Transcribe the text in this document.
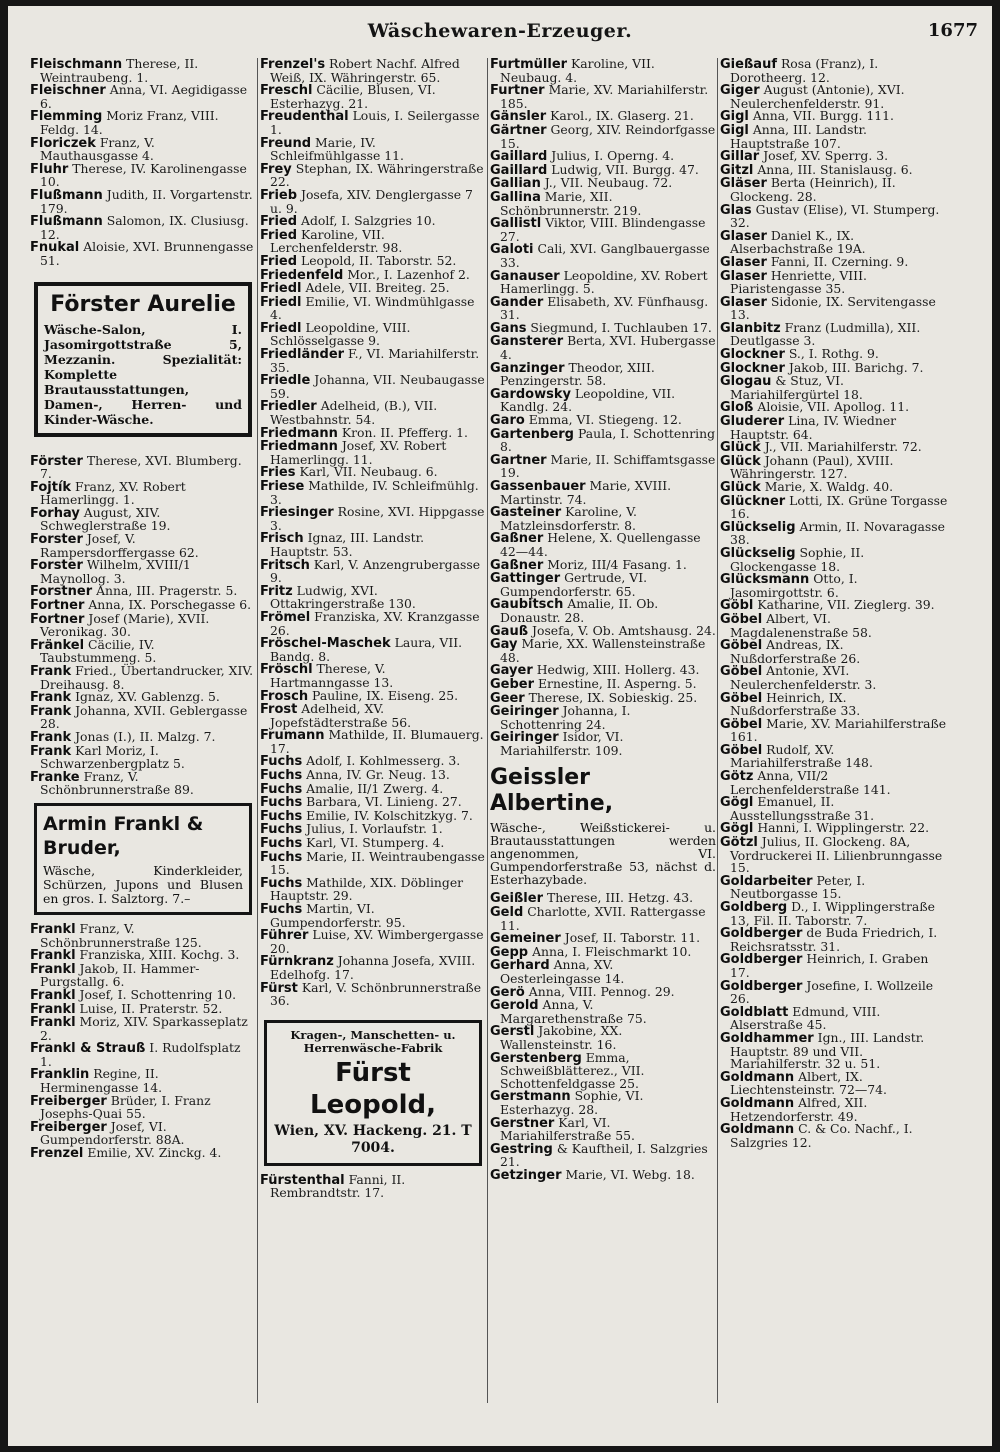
Wäschewaren-Erzeuger.	1677

Fleischmann Therese, II. Weintraubeng. 1.

Fleischner Anna, VI. Aegidigasse 6.

Flemming Moriz Franz, VIII. Feldg. 14.

Floriczek Franz, V. Mauthausgasse 4.

Fluhr Therese, IV. Karolinengasse 10.

Flußmann Judith, II. Vorgartenstr. 179.

Flußmann Salomon, IX. Clusiusg. 12.

Fnukal Aloisie, XVI. Brunnengasse 51.

Förster Aurelie
Wäsche-Salon, I. Jasomirgottstraße 5, Mezzanin. Spezialität: Komplette Brautausstattungen, Damen-, Herren- und Kinder-Wäsche.

Förster Therese, XVI. Blumberg. 7.

Fojtík Franz, XV. Robert Hamerlingg. 1.

Forhay August, XIV. Schweglerstraße 19.

Forster Josef, V. Rampersdorffergasse 62.

Forster Wilhelm, XVIII/1 Maynollog. 3.

Forstner Anna, III. Pragerstr. 5.

Fortner Anna, IX. Porschegasse 6.

Fortner Josef (Marie), XVII. Veronikag. 30.

Fränkel Cäcilie, IV. Taubstummeng. 5.

Frank Fried., Übertandrucker, XIV. Dreihausg. 8.

Frank Ignaz, XV. Gablenzg. 5.

Frank Johanna, XVII. Geblergasse 28.

Frank Jonas (I.), II. Malzg. 7.

Frank Karl Moriz, I. Schwarzenbergplatz 5.

Franke Franz, V. Schönbrunnerstraße 89.

Armin Frankl & Bruder,
Wäsche, Kinderkleider, Schürzen, Jupons und Blusen en gros. I. Salztorg. 7.–

Frankl Franz, V. Schönbrunnerstraße 125.

Frankl Franziska, XIII. Kochg. 3.

Frankl Jakob, II. Hammer-Purgstallg. 6.

Frankl Josef, I. Schottenring 10.

Frankl Luise, II. Praterstr. 52.

Frankl Moriz, XIV. Sparkasseplatz 2.

Frankl & Strauß I. Rudolfsplatz 1.

Franklin Regine, II. Herminengasse 14.

Freiberger Brüder, I. Franz Josephs-Quai 55.

Freiberger Josef, VI. Gumpendorferstr. 88A.

Frenzel Emilie, XV. Zinckg. 4.

Frenzel's Robert Nachf. Alfred Weiß, IX. Währingerstr. 65.

Freschl Cäcilie, Blusen, VI. Esterhazyg. 21.

Freudenthal Louis, I. Seilergasse 1.

Freund Marie, IV. Schleifmühlgasse 11.

Frey Stephan, IX. Währingerstraße 22.

Frieb Josefa, XIV. Denglergasse 7 u. 9.

Fried Adolf, I. Salzgries 10.

Fried Karoline, VII. Lerchenfelderstr. 98.

Fried Leopold, II. Taborstr. 52.

Friedenfeld Mor., I. Lazenhof 2.

Friedl Adele, VII. Breiteg. 25.

Friedl Emilie, VI. Windmühlgasse 4.

Friedl Leopoldine, VIII. Schlösselgasse 9.

Friedländer F., VI. Mariahilferstr. 35.

Friedle Johanna, VII. Neubaugasse 59.

Friedler Adelheid, (B.), VII. Westbahnstr. 54.

Friedmann Kron. II. Pfefferg. 1.

Friedmann Josef, XV. Robert Hamerlingg. 11.

Fries Karl, VII. Neubaug. 6.

Friese Mathilde, IV. Schleifmühlg. 3.

Friesinger Rosine, XVI. Hippgasse 3.

Frisch Ignaz, III. Landstr. Hauptstr. 53.

Fritsch Karl, V. Anzengrubergasse 9.

Fritz Ludwig, XVI. Ottakringerstraße 130.

Frömel Franziska, XV. Kranzgasse 26.

Fröschel-Maschek Laura, VII. Bandg. 8.

Fröschl Therese, V. Hartmanngasse 13.

Frosch Pauline, IX. Eiseng. 25.

Frost Adelheid, XV. Jopefstädterstraße 56.

Frumann Mathilde, II. Blumauerg. 17.

Fuchs Adolf, I. Kohlmesserg. 3.

Fuchs Anna, IV. Gr. Neug. 13.

Fuchs Amalie, II/1 Zwerg. 4.

Fuchs Barbara, VI. Linieng. 27.

Fuchs Emilie, IV. Kolschitzkyg. 7.

Fuchs Julius, I. Vorlaufstr. 1.

Fuchs Karl, VI. Stumperg. 4.

Fuchs Marie, II. Weintraubengasse 15.

Fuchs Mathilde, XIX. Döblinger Hauptstr. 29.

Fuchs Martin, VI. Gumpendorferstr. 95.

Führer Luise, XV. Wimbergergasse 20.

Fürnkranz Johanna Josefa, XVIII. Edelhofg. 17.

Fürst Karl, V. Schönbrunnerstraße 36.

Kragen-, Manschetten- u. Herrenwäsche-Fabrik
Fürst Leopold,
Wien, XV. Hackeng. 21. T 7004.

Fürstenthal Fanni, II. Rembrandtstr. 17.

Furtmüller Karoline, VII. Neubaug. 4.

Furtner Marie, XV. Mariahilferstr. 185.

Gänsler Karol., IX. Glaserg. 21.

Gärtner Georg, XIV. Reindorfgasse 15.

Gaillard Julius, I. Operng. 4.

Gaillard Ludwig, VII. Burgg. 47.

Gallian J., VII. Neubaug. 72.

Gallina Marie, XII. Schönbrunnerstr. 219.

Gallistl Viktor, VIII. Blindengasse 27.

Galoti Cali, XVI. Ganglbauergasse 33.

Ganauser Leopoldine, XV. Robert Hamerlingg. 5.

Gander Elisabeth, XV. Fünfhausg. 31.

Gans Siegmund, I. Tuchlauben 17.

Gansterer Berta, XVI. Hubergasse 4.

Ganzinger Theodor, XIII. Penzingerstr. 58.

Gardowsky Leopoldine, VII. Kandlg. 24.

Garo Emma, VI. Stiegeng. 12.

Gartenberg Paula, I. Schottenring 8.

Gartner Marie, II. Schiffamtsgasse 19.

Gassenbauer Marie, XVIII. Martinstr. 74.

Gasteiner Karoline, V. Matzleinsdorferstr. 8.

Gaßner Helene, X. Quellengasse 42—44.

Gaßner Moriz, III/4 Fasang. 1.

Gattinger Gertrude, VI. Gumpendorferstr. 65.

Gaubitsch Amalie, II. Ob. Donaustr. 28.

Gauß Josefa, V. Ob. Amtshausg. 24.

Gay Marie, XX. Wallensteinstraße 48.

Gayer Hedwig, XIII. Hollerg. 43.

Geber Ernestine, II. Asperng. 5.

Geer Therese, IX. Sobieskig. 25.

Geiringer Johanna, I. Schottenring 24.

Geiringer Isidor, VI. Mariahilferstr. 109.

Geissler Albertine,
Wäsche-, Weißstickerei- u. Brautausstattungen werden angenommen, VI. Gumpendorferstraße 53, nächst d. Esterhazybade.

Geißler Therese, III. Hetzg. 43.

Geld Charlotte, XVII. Rattergasse 11.

Gemeiner Josef, II. Taborstr. 11.

Gepp Anna, I. Fleischmarkt 10.

Gerhard Anna, XV. Oesterleingasse 14.

Gerö Anna, VIII. Pennog. 29.

Gerold Anna, V. Margarethenstraße 75.

Gerstl Jakobine, XX. Wallensteinstr. 16.

Gerstenberg Emma, Schweißblätterez., VII. Schottenfeldgasse 25.

Gerstmann Sophie, VI. Esterhazyg. 28.

Gerstner Karl, VI. Mariahilferstraße 55.

Gestring & Kauftheil, I. Salzgries 21.

Getzinger Marie, VI. Webg. 18.

Gießauf Rosa (Franz), I. Dorotheerg. 12.

Giger August (Antonie), XVI. Neulerchenfelderstr. 91.

Gigl Anna, VII. Burgg. 111.

Gigl Anna, III. Landstr. Hauptstraße 107.

Gillar Josef, XV. Sperrg. 3.

Gitzl Anna, III. Stanislausg. 6.

Gläser Berta (Heinrich), II. Glockeng. 28.

Glas Gustav (Elise), VI. Stumperg. 32.

Glaser Daniel K., IX. Alserbachstraße 19A.

Glaser Fanni, II. Czerning. 9.

Glaser Henriette, VIII. Piaristengasse 35.

Glaser Sidonie, IX. Servitengasse 13.

Glanbitz Franz (Ludmilla), XII. Deutlgasse 3.

Glockner S., I. Rothg. 9.

Glockner Jakob, III. Barichg. 7.

Glogau & Stuz, VI. Mariahilfergürtel 18.

Gloß Aloisie, VII. Apollog. 11.

Gluderer Lina, IV. Wiedner Hauptstr. 64.

Glück J., VII. Mariahilferstr. 72.

Glück Johann (Paul), XVIII. Währingerstr. 127.

Glück Marie, X. Waldg. 40.

Glückner Lotti, IX. Grüne Torgasse 16.

Glückselig Armin, II. Novaragasse 38.

Glückselig Sophie, II. Glockengasse 18.

Glücksmann Otto, I. Jasomirgottstr. 6.

Göbl Katharine, VII. Zieglerg. 39.

Göbel Albert, VI. Magdalenenstraße 58.

Göbel Andreas, IX. Nußdorferstraße 26.

Göbel Antonie, XVI. Neulerchenfelderstr. 3.

Göbel Heinrich, IX. Nußdorferstraße 33.

Göbel Marie, XV. Mariahilferstraße 161.

Göbel Rudolf, XV. Mariahilferstraße 148.

Götz Anna, VII/2 Lerchenfelderstraße 141.

Gögl Emanuel, II. Ausstellungsstraße 31.

Gögl Hanni, I. Wipplingerstr. 22.

Götzl Julius, II. Glockeng. 8A, Vordruckerei II. Lilienbrunngasse 15.

Goldarbeiter Peter, I. Neutborgasse 15.

Goldberg D., I. Wipplingerstraße 13, Fil. II. Taborstr. 7.

Goldberger de Buda Friedrich, I. Reichsratsstr. 31.

Goldberger Heinrich, I. Graben 17.

Goldberger Josefine, I. Wollzeile 26.

Goldblatt Edmund, VIII. Alserstraße 45.

Goldhammer Ign., III. Landstr. Hauptstr. 89 und VII. Mariahilferstr. 32 u. 51.

Goldmann Albert, IX. Liechtensteinstr. 72—74.

Goldmann Alfred, XII. Hetzendorferstr. 49.

Goldmann C. & Co. Nachf., I. Salzgries 12.
